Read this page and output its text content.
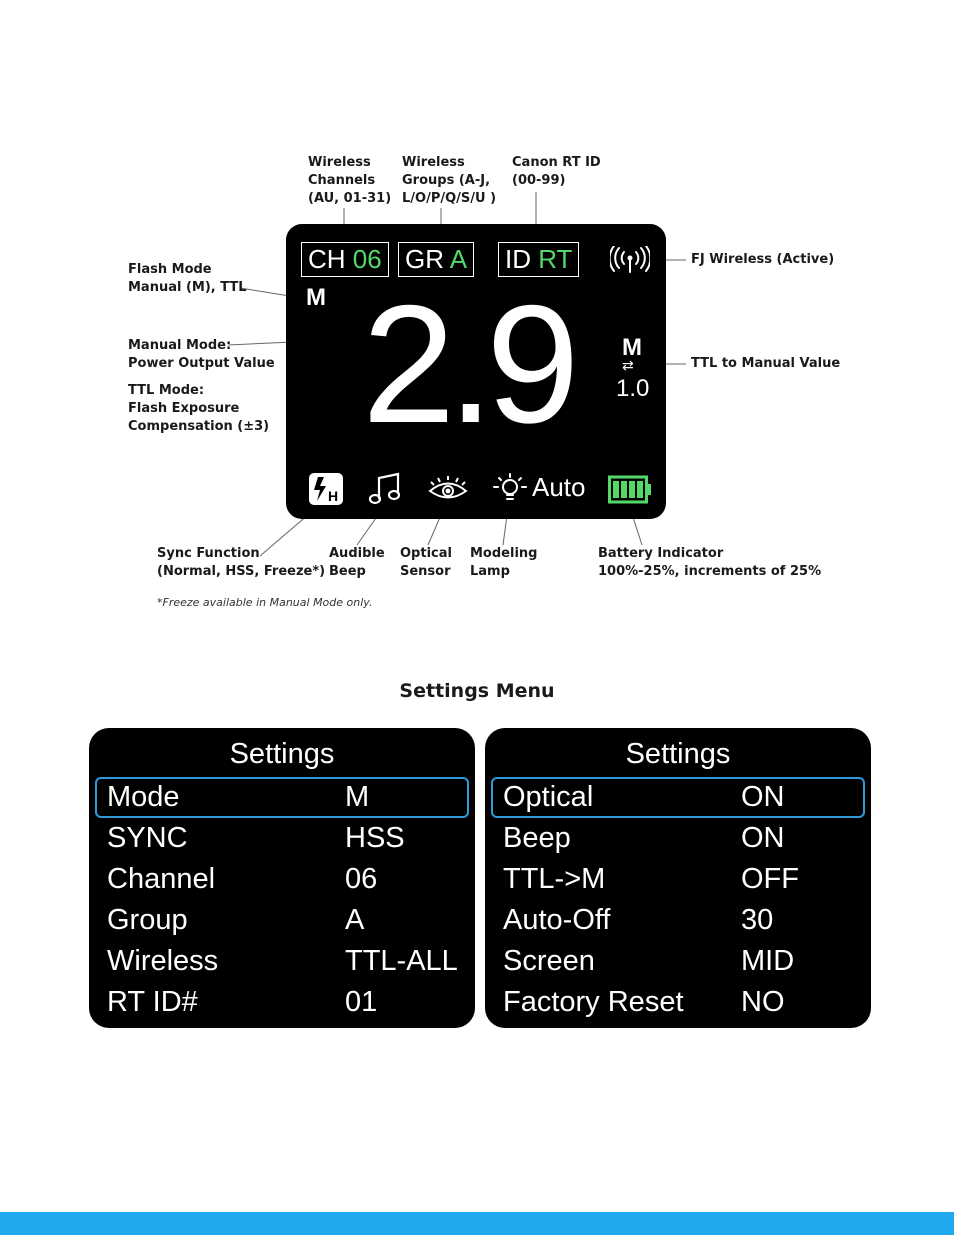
Wireless
Channels
(AU, 01-31)
Wireless
Groups (A-J,
L/O/P/Q/S/U )
Canon RT ID
(00-99)
Flash Mode
Manual (M), TTL
Manual Mode:
Power Output Value
TTL Mode:
Flash Exposure
Compensation (±3)
FJ Wireless (Active)
TTL to Manual Value
Sync Function
(Normal, HSS, Freeze*)
Audible
Beep
Optical
Sensor
Modeling
Lamp
Battery Indicator
100%-25%, increments of 25%
*Freeze available in Manual Mode only.
CH 06 GR A ID RT
M 2.9	M
⇄
1.0
H	Auto
Settings Menu
Settings
Mode	M
SYNC	HSS
Channel	06
Group	A
Wireless	TTL-ALL
RT ID#	01
Settings
Optical	ON
Beep	ON
TTL->M	OFF
Auto-Off	30
Screen	MID
Factory Reset NO
